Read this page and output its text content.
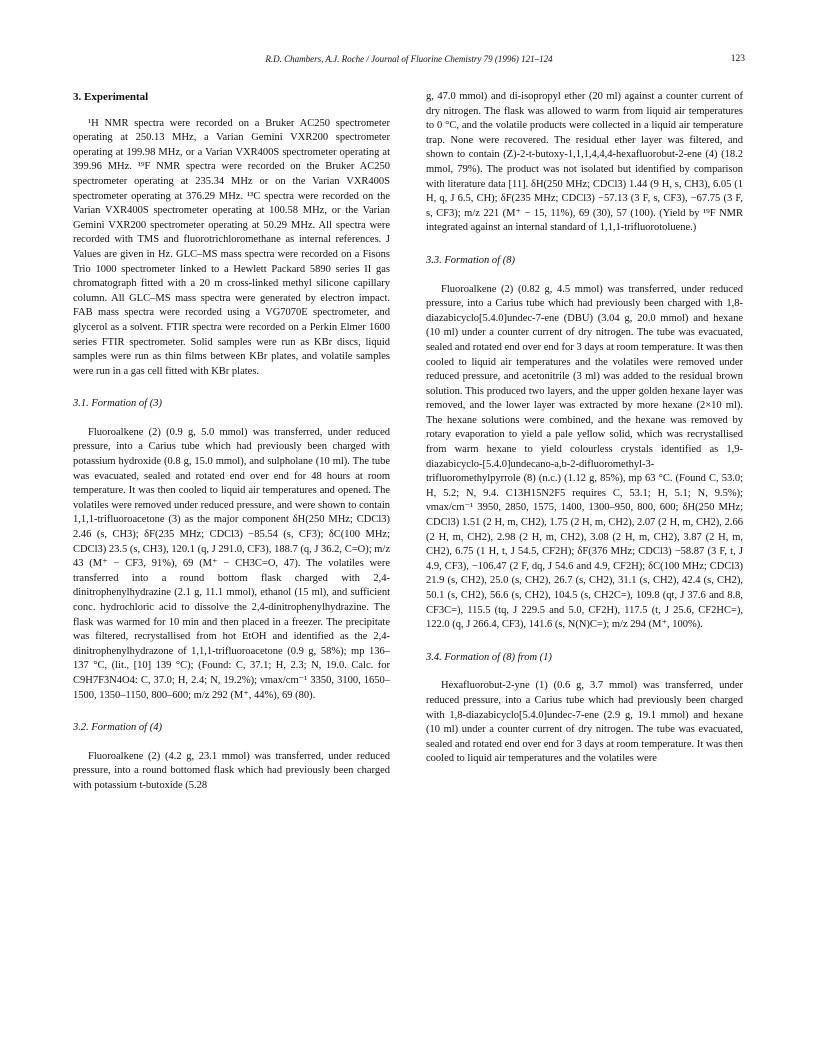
R.D. Chambers, A.J. Roche / Journal of Fluorine Chemistry 79 (1996) 121–124	123
3. Experimental

¹H NMR spectra were recorded on a Bruker AC250 spectrometer operating at 250.13 MHz, a Varian Gemini VXR200 spectrometer operating at 199.98 MHz, or a Varian VXR400S spectrometer operating at 399.96 MHz. ¹⁹F NMR spectra were recorded on the Bruker AC250 spectrometer operating at 235.34 MHz or on the Varian VXR400S spectrometer operating at 376.29 MHz. ¹³C spectra were recorded on the Varian VXR400S spectrometer operating at 100.58 MHz, or the Varian Gemini VXR200 spectrometer operating at 50.29 MHz. All spectra were recorded with TMS and fluorotrichloromethane as internal references. J Values are given in Hz. GLC–MS mass spectra were recorded on a Fisons Trio 1000 spectrometer linked to a Hewlett Packard 5890 series II gas chromatograph fitted with a 20 m cross-linked methyl silicone capillary column. All GLC–MS mass spectra were generated by electron impact. FAB mass spectra were recorded using a VG7070E spectrometer, and glycerol as a solvent. FTIR spectra were recorded on a Perkin Elmer 1600 series FTIR spectrometer. Solid samples were run as KBr discs, liquid samples were run as thin films between KBr plates, and volatile samples were run in a gas cell fitted with KBr plates.

3.1. Formation of (3)

Fluoroalkene (2) (0.9 g, 5.0 mmol) was transferred, under reduced pressure, into a Carius tube which had previously been charged with potassium hydroxide (0.8 g, 15.0 mmol), and sulpholane (10 ml). The tube was evacuated, sealed and rotated end over end for 48 hours at room temperature. It was then cooled to liquid air temperatures and opened. The volatiles were removed under reduced pressure, and were shown to contain 1,1,1-trifluoroacetone (3) as the major component δH(250 MHz; CDCl3) 2.46 (s, CH3); δF(235 MHz; CDCl3) −85.54 (s, CF3); δC(100 MHz; CDCl3) 23.5 (s, CH3), 120.1 (q, J 291.0, CF3), 188.7 (q, J 36.2, C=O); m/z 43 (M⁺ − CF3, 91%), 69 (M⁺ − CH3C=O, 47). The volatiles were transferred into a round bottom flask charged with 2,4-dinitrophenylhydrazine (2.1 g, 11.1 mmol), ethanol (15 ml), and sufficient conc. hydrochloric acid to dissolve the 2,4-dinitrophenylhydrazine. The flask was warmed for 10 min and then placed in a freezer. The precipitate was filtered, recrystallised from hot EtOH and identified as the 2,4-dinitrophenylhydrazone of 1,1,1-trifluoroacetone (0.9 g, 58%); mp 136–137 °C, (lit., [10] 139 °C); (Found: C, 37.1; H, 2.3; N, 19.0. Calc. for C9H7F3N4O4: C, 37.0; H, 2.4; N, 19.2%); νmax/cm⁻¹ 3350, 3100, 1650–1500, 1350–1150, 800–600; m/z 292 (M⁺, 44%), 69 (80).

3.2. Formation of (4)

Fluoroalkene (2) (4.2 g, 23.1 mmol) was transferred, under reduced pressure, into a round bottomed flask which had previously been charged with potassium t-butoxide (5.28

g, 47.0 mmol) and di-isopropyl ether (20 ml) against a counter current of dry nitrogen. The flask was allowed to warm from liquid air temperatures to 0 °C, and the volatile products were collected in a liquid air temperature trap. None were recovered. The residual ether layer was filtered, and shown to contain (Z)-2-t-butoxy-1,1,1,4,4,4-hexafluorobut-2-ene (4) (18.2 mmol, 79%). The product was not isolated but identified by comparison with literature data [11]. δH(250 MHz; CDCl3) 1.44 (9 H, s, CH3), 6.05 (1 H, q, J 6.5, CH); δF(235 MHz; CDCl3) −57.13 (3 F, s, CF3), −67.75 (3 F, s, CF3); m/z 221 (M⁺ − 15, 11%), 69 (30), 57 (100). (Yield by ¹⁹F NMR integrated against an internal standard of 1,1,1-trifluorotoluene.)

3.3. Formation of (8)

Fluoroalkene (2) (0.82 g, 4.5 mmol) was transferred, under reduced pressure, into a Carius tube which had previously been charged with 1,8-diazabicyclo[5.4.0]undec-7-ene (DBU) (3.04 g, 20.0 mmol) and hexane (10 ml) under a counter current of dry nitrogen. The tube was evacuated, sealed and rotated end over end for 3 days at room temperature. It was then cooled to liquid air temperatures and the volatiles were removed under reduced pressure, and acetonitrile (3 ml) was added to the residual brown solution. This produced two layers, and the upper golden hexane layer was removed, and the lower layer was extracted by more hexane (2×10 ml). The hexane solutions were combined, and the hexane was removed by rotary evaporation to yield a pale yellow solid, which was recrystallised from warm hexane to yield colourless crystals identified as 1,9-diazabicyclo-[5.4.0]undecano-a,b-2-difluoromethyl-3-trifluoromethylpyrrole (8) (n.c.) (1.12 g, 85%), mp 63 °C. (Found C, 53.0; H, 5.2; N, 9.4. C13H15N2F5 requires C, 53.1; H, 5.1; N, 9.5%); νmax/cm⁻¹ 3950, 2850, 1575, 1400, 1300–950, 800, 600; δH(250 MHz; CDCl3) 1.51 (2 H, m, CH2), 1.75 (2 H, m, CH2), 2.07 (2 H, m, CH2), 2.66 (2 H, m, CH2), 2.98 (2 H, m, CH2), 3.08 (2 H, m, CH2), 3.87 (2 H, m, CH2), 6.75 (1 H, t, J 54.5, CF2H); δF(376 MHz; CDCl3) −58.87 (3 F, t, J 4.9, CF3), −106.47 (2 F, dq, J 54.6 and 4.9, CF2H); δC(100 MHz; CDCl3) 21.9 (s, CH2), 25.0 (s, CH2), 26.7 (s, CH2), 31.1 (s, CH2), 42.4 (s, CH2), 50.1 (s, CH2), 56.6 (s, CH2), 104.5 (s, CH2C=), 109.8 (qt, J 37.6 and 8.8, CF3C=), 115.5 (tq, J 229.5 and 5.0, CF2H), 117.5 (t, J 25.6, CF2HC=), 122.0 (q, J 266.4, CF3), 141.6 (s, N(N)C=); m/z 294 (M⁺, 100%).

3.4. Formation of (8) from (1)

Hexafluorobut-2-yne (1) (0.6 g, 3.7 mmol) was transferred, under reduced pressure, into a Carius tube which had previously been charged with 1,8-diazabicyclo[5.4.0]undec-7-ene (2.9 g, 19.1 mmol) and hexane (10 ml) under a counter current of dry nitrogen. The tube was evacuated, sealed and rotated end over end for 3 days at room temperature. It was then cooled to liquid air temperatures and the volatiles were
